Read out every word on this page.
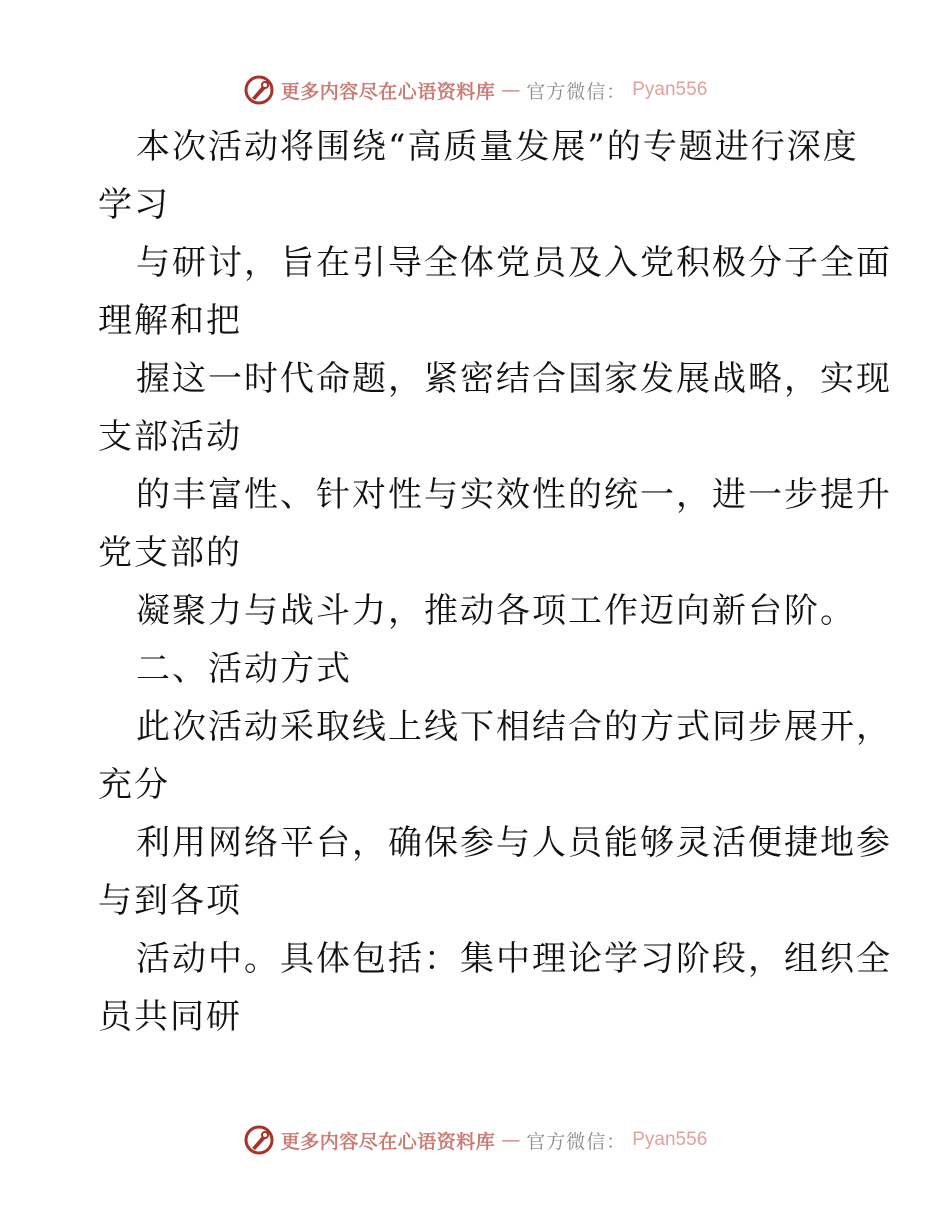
更多内容尽在心语资料库 — 官方微信： Pyan556
本次活动将围绕“高质量发展”的专题进行深度
学习
与研讨，旨在引导全体党员及入党积极分子全面
理解和把
握这一时代命题，紧密结合国家发展战略，实现
支部活动
的丰富性、针对性与实效性的统一，进一步提升
党支部的
凝聚力与战斗力，推动各项工作迈向新台阶。
二、活动方式
此次活动采取线上线下相结合的方式同步展开，
充分
利用网络平台，确保参与人员能够灵活便捷地参
与到各项
活动中。具体包括：集中理论学习阶段，组织全
员共同研
更多内容尽在心语资料库 — 官方微信： Pyan556
